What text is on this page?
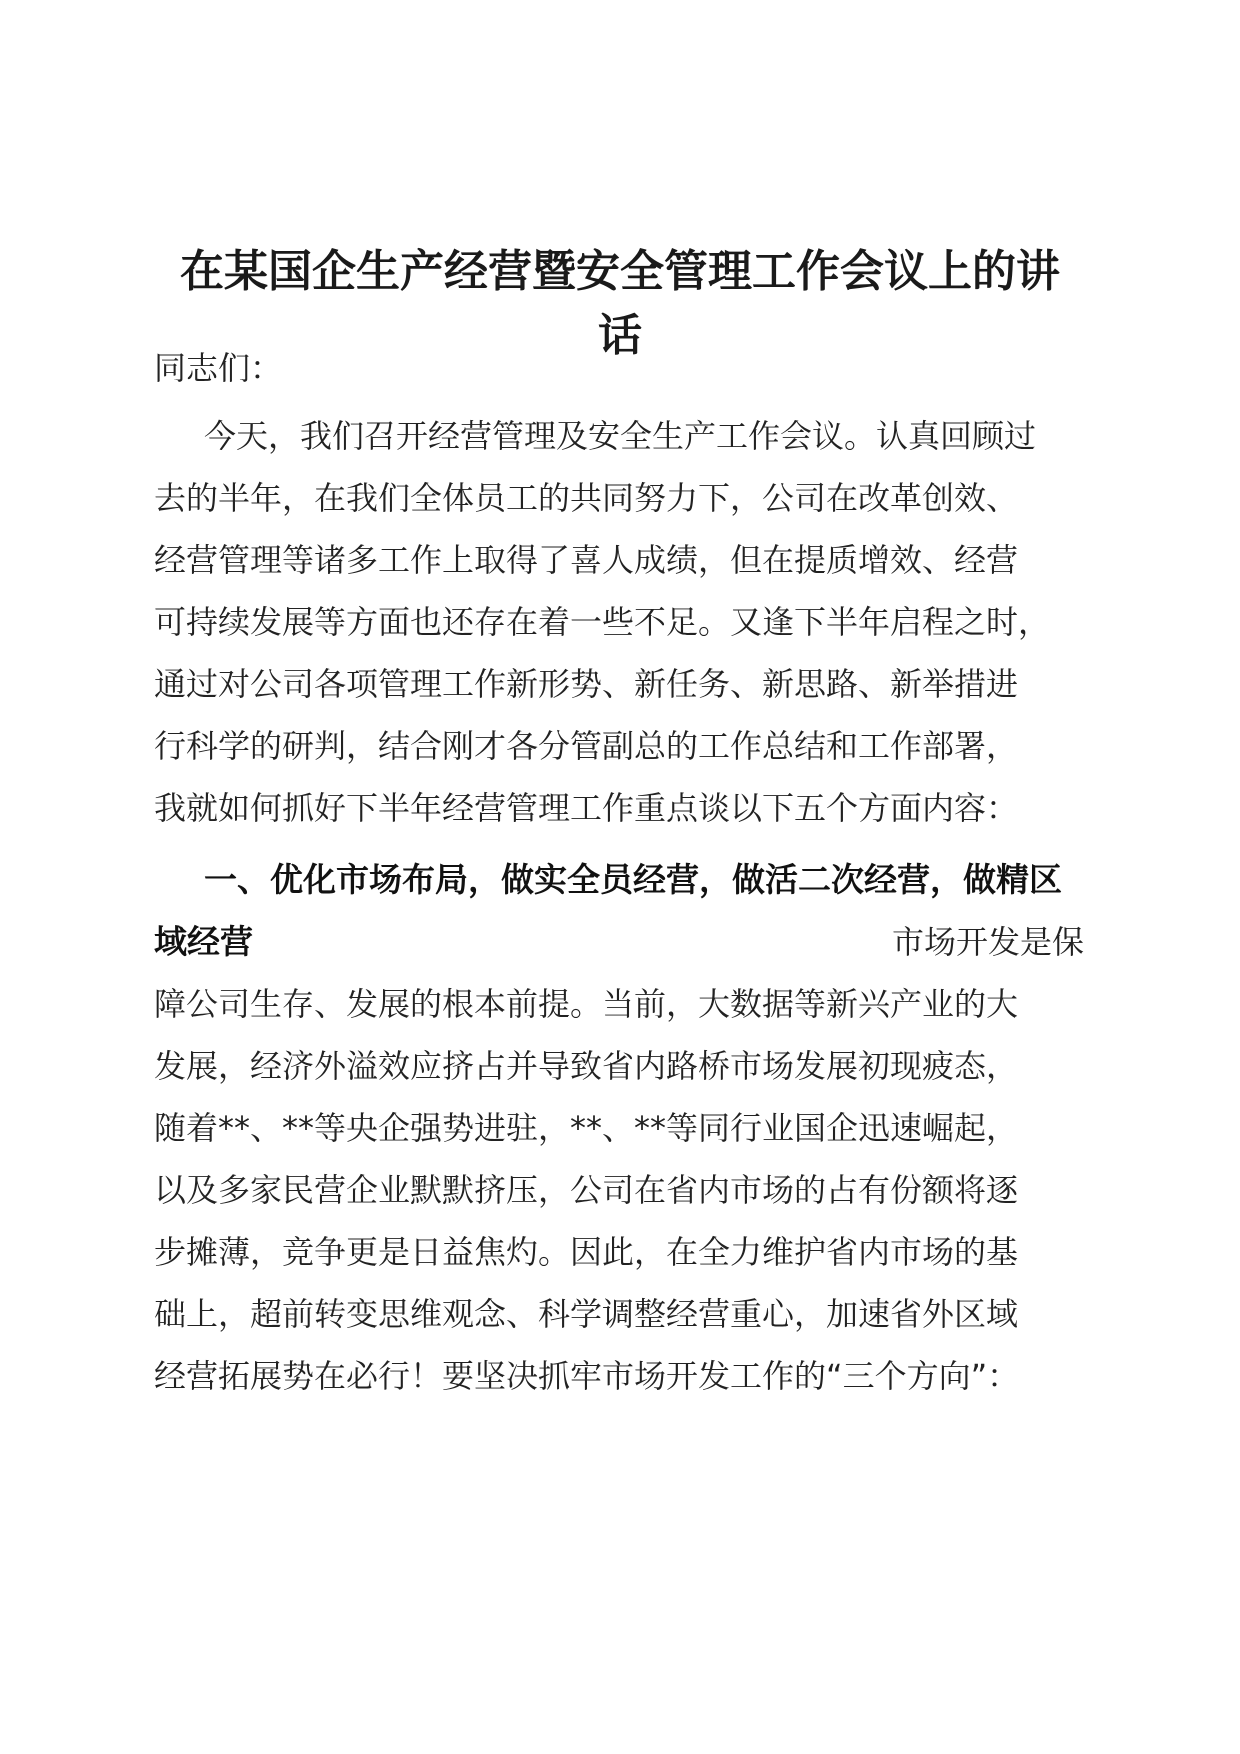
在某国企生产经营暨安全管理工作会议上的讲
话

同志们：

今天，我们召开经营管理及安全生产工作会议。认真回顾过

去的半年，在我们全体员工的共同努力下，公司在改革创效、

经营管理等诸多工作上取得了喜人成绩，但在提质增效、经营

可持续发展等方面也还存在着一些不足。又逢下半年启程之时，

通过对公司各项管理工作新形势、新任务、新思路、新举措进

行科学的研判，结合刚才各分管副总的工作总结和工作部署，

我就如何抓好下半年经营管理工作重点谈以下五个方面内容：

一、优化市场布局，做实全员经营，做活二次经营，做精区

域经营	市场开发是保

障公司生存、发展的根本前提。当前，大数据等新兴产业的大

发展，经济外溢效应挤占并导致省内路桥市场发展初现疲态，

随着**、**等央企强势进驻，**、**等同行业国企迅速崛起，

以及多家民营企业默默挤压，公司在省内市场的占有份额将逐

步摊薄，竞争更是日益焦灼。因此，在全力维护省内市场的基

础上，超前转变思维观念、科学调整经营重心，加速省外区域

经营拓展势在必行！要坚决抓牢市场开发工作的“三个方向”：
